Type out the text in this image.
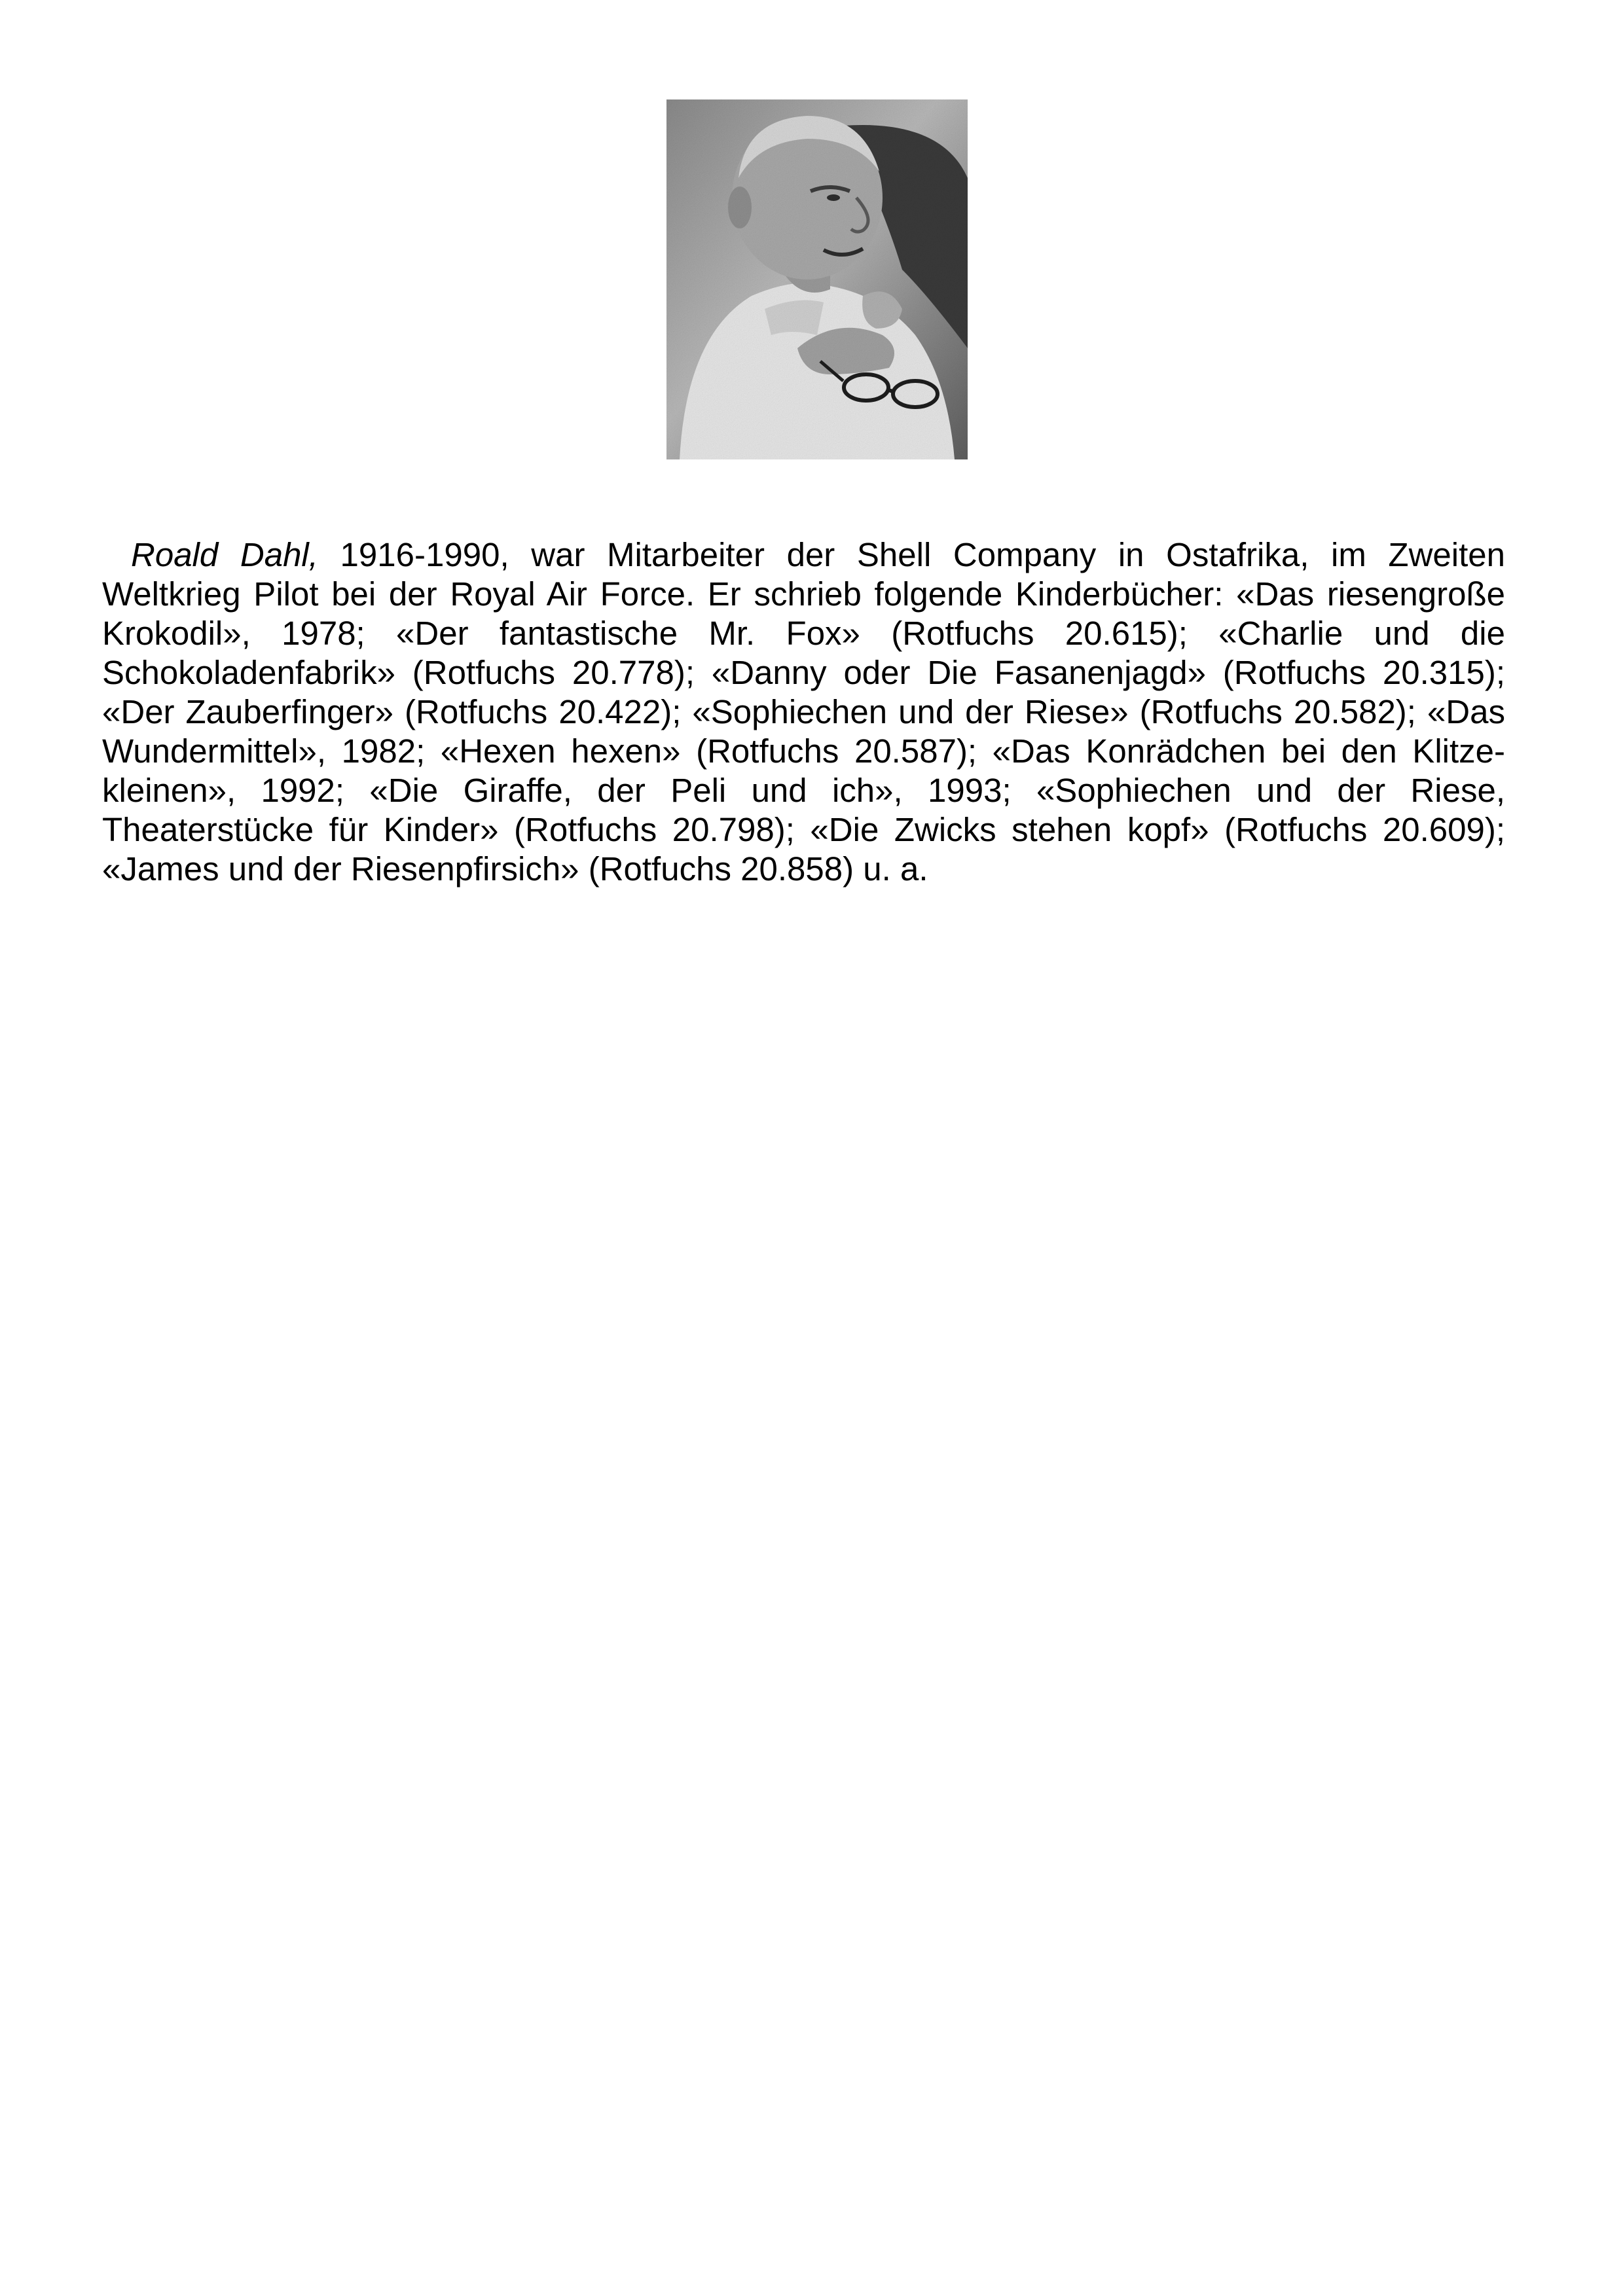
Roald Dahl, 1916-1990, war Mitarbeiter der Shell Company in Ostafrika, im Zweiten
Weltkrieg Pilot bei der Royal Air Force. Er schrieb folgende Kinderbücher: «Das riesengroße
Krokodil», 1978; «Der fantastische Mr. Fox» (Rotfuchs 20.615); «Charlie und die
Schokoladenfabrik» (Rotfuchs 20.778); «Danny oder Die Fasanenjagd» (Rotfuchs 20.315);
«Der Zauberfinger» (Rotfuchs 20.422); «Sophiechen und der Riese» (Rotfuchs 20.582); «Das
Wundermittel», 1982; «Hexen hexen» (Rotfuchs 20.587); «Das Konrädchen bei den Klitze-
kleinen», 1992; «Die Giraffe, der Peli und ich», 1993; «Sophiechen und der Riese,
Theaterstücke für Kinder» (Rotfuchs 20.798); «Die Zwicks stehen kopf» (Rotfuchs 20.609);
«James und der Riesenpfirsich» (Rotfuchs 20.858) u. a.
